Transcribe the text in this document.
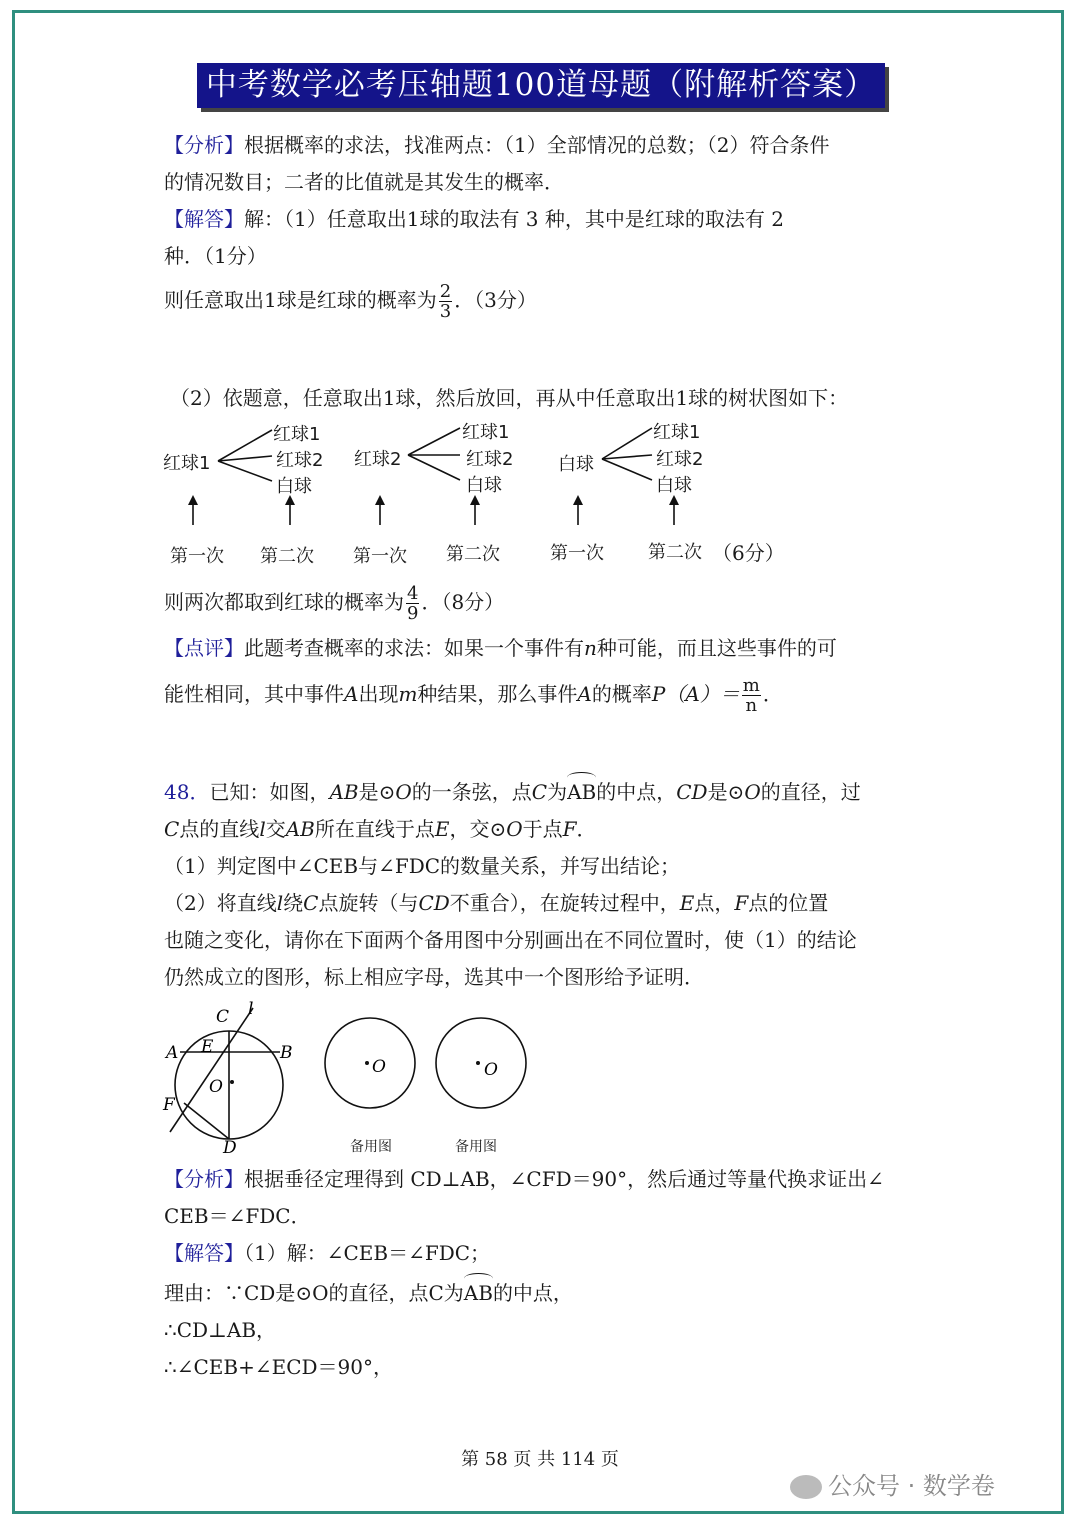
中考数学必考压轴题100道母题（附解析答案）
【分析】根据概率的求法，找准两点：（1）全部情况的总数；（2）符合条件
的情况数目；二者的比值就是其发生的概率．
【解答】解：（1）任意取出1球的取法有 3 种，其中是红球的取法有 2
种．（1分）
则任意取出1球是红球的概率为 $\frac{2}{3}$ ．（3分）
（2）依题意，任意取出1球，然后放回，再从中任意取出1球的树状图如下：
红球1
红球1
红球2
白球
红球2
红球1
红球2
白球
白球
红球1
红球2
白球
第一次 第二次 第一次 第二次	第一次 第二次 （6分）
则两次都取到红球的概率为 $\frac{4}{9}$ ．（8分）
【点评】此题考查概率的求法：如果一个事件有n种可能，而且这些事件的可
能性相同，其中事件A出现m种结果，那么事件A的概率$P(A)= \frac{m}{n}$ ．
48．已知：如图，AB是⊙O的一条弦，点C为AB的中点，CD是⊙O的直径，过
C点的直线l交AB所在直线于点E，交⊙O于点F．
（1）判定图中∠CEB与∠FDC的数量关系，并写出结论；
（2）将直线l绕C点旋转（与CD不重合），在旋转过程中，E点，F点的位置
也随之变化，请你在下面两个备用图中分别画出在不同位置时，使（1）的结论
仍然成立的图形，标上相应字母，选其中一个图形给予证明．
C l
A E	B
O
F
D
O	O
备用图	备用图
【分析】根据垂径定理得到 CD⊥AB，∠CFD＝90°，然后通过等量代换求证出∠
CEB＝∠FDC．
【解答】（1）解：∠CEB＝∠FDC；
理由：∵CD是⊙O的直径，点C为AB的中点，
∴CD⊥AB，
∴∠CEB+∠ECD＝90°，
第 58 页 共 114 页
公众号 · 数学卷
